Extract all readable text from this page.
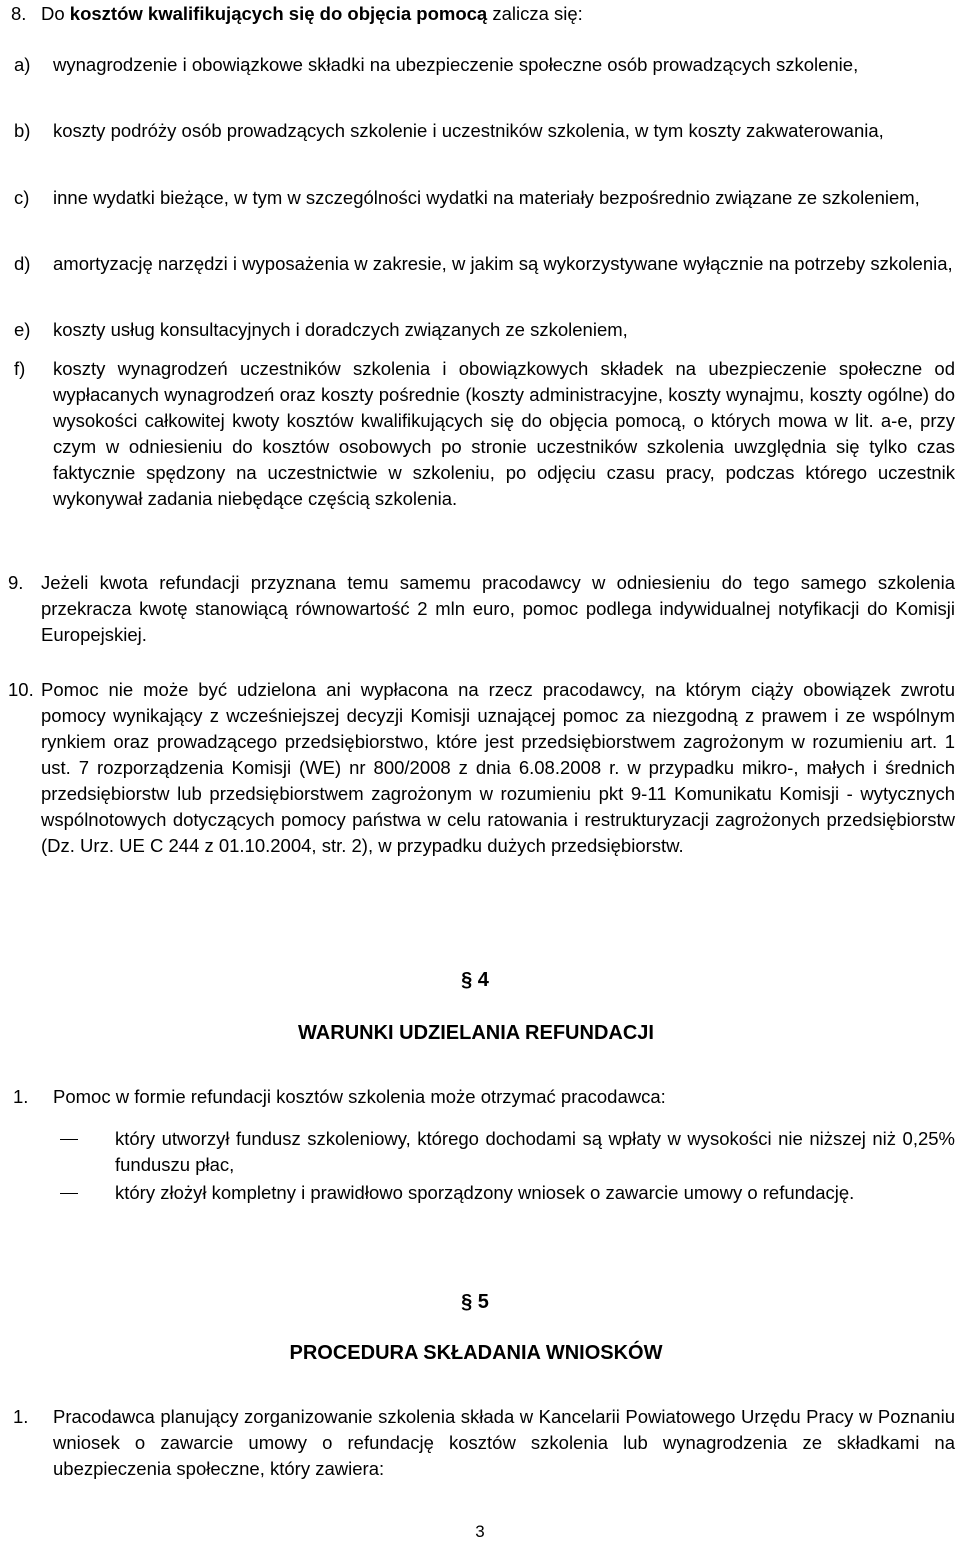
8. Do kosztów kwalifikujących się do objęcia pomocą zalicza się:
a) wynagrodzenie i obowiązkowe składki na ubezpieczenie społeczne osób prowadzących szkolenie,
b) koszty podróży osób prowadzących szkolenie i uczestników szkolenia, w tym koszty zakwaterowania,
c) inne wydatki bieżące, w tym w szczególności wydatki na materiały bezpośrednio związane ze szkoleniem,
d) amortyzację narzędzi i wyposażenia w zakresie, w jakim są wykorzystywane wyłącznie na potrzeby szkolenia,
e) koszty usług konsultacyjnych i doradczych związanych ze szkoleniem,
f) koszty wynagrodzeń uczestników szkolenia i obowiązkowych składek na ubezpieczenie społeczne od wypłacanych wynagrodzeń oraz koszty pośrednie (koszty administracyjne, koszty wynajmu, koszty ogólne) do wysokości całkowitej kwoty kosztów kwalifikujących się do objęcia pomocą, o których mowa w lit. a-e, przy czym w odniesieniu do kosztów osobowych po stronie uczestników szkolenia uwzględnia się tylko czas faktycznie spędzony na uczestnictwie w szkoleniu, po odjęciu czasu pracy, podczas którego uczestnik wykonywał zadania niebędące częścią szkolenia.
9. Jeżeli kwota refundacji przyznana temu samemu pracodawcy w odniesieniu do tego samego szkolenia przekracza kwotę stanowiącą równowartość 2 mln euro, pomoc podlega indywidualnej notyfikacji do Komisji Europejskiej.
10. Pomoc nie może być udzielona ani wypłacona na rzecz pracodawcy, na którym ciąży obowiązek zwrotu pomocy wynikający z wcześniejszej decyzji Komisji uznającej pomoc za niezgodną z prawem i ze wspólnym rynkiem oraz prowadzącego przedsiębiorstwo, które jest przedsiębiorstwem zagrożonym w rozumieniu art. 1 ust. 7 rozporządzenia Komisji (WE) nr 800/2008 z dnia 6.08.2008 r. w przypadku mikro-, małych i średnich przedsiębiorstw lub przedsiębiorstwem zagrożonym w rozumieniu pkt 9-11 Komunikatu Komisji - wytycznych wspólnotowych dotyczących pomocy państwa w celu ratowania i restrukturyzacji zagrożonych przedsiębiorstw (Dz. Urz. UE C 244 z 01.10.2004, str. 2), w przypadku dużych przedsiębiorstw.
§ 4
WARUNKI UDZIELANIA REFUNDACJI
1. Pomoc w formie refundacji kosztów szkolenia może otrzymać pracodawca:
który utworzył fundusz szkoleniowy, którego dochodami są wpłaty w wysokości nie niższej niż 0,25% funduszu płac,
który złożył kompletny i prawidłowo sporządzony wniosek o zawarcie umowy o refundację.
§ 5
PROCEDURA SKŁADANIA WNIOSKÓW
1. Pracodawca planujący zorganizowanie szkolenia składa w Kancelarii Powiatowego Urzędu Pracy w Poznaniu wniosek o zawarcie umowy o refundację kosztów szkolenia lub wynagrodzenia ze składkami na ubezpieczenia społeczne, który zawiera:
3
